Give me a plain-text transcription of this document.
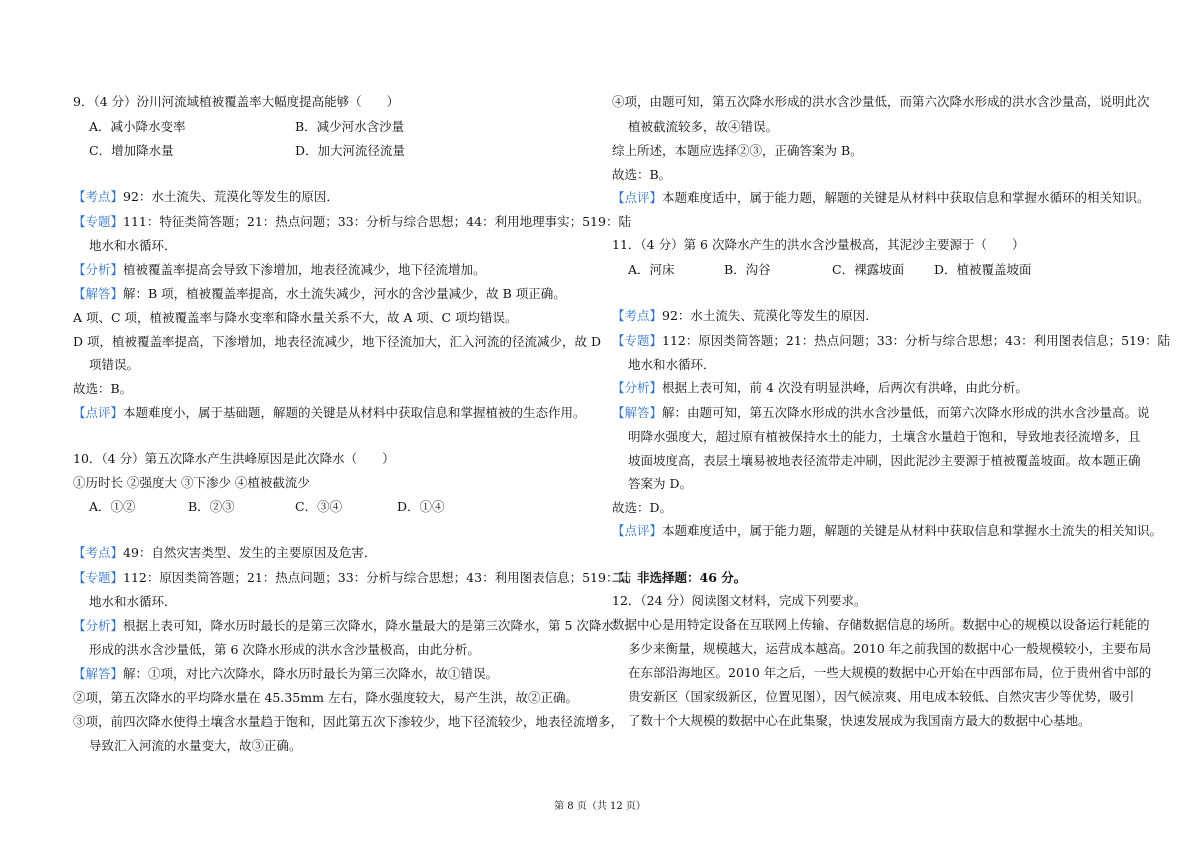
9．（4 分）汾川河流域植被覆盖率大幅度提高能够（　　）
A．减小降水变率	B．减少河水含沙量
C．增加降水量	D．加大河流径流量
【考点】92：水土流失、荒漠化等发生的原因．
【专题】111：特征类简答题；21：热点问题；33：分析与综合思想；44：利用地理事实；519：陆
地水和水循环．
【分析】植被覆盖率提高会导致下渗增加，地表径流减少，地下径流增加。
【解答】解：B 项，植被覆盖率提高，水土流失减少，河水的含沙量减少，故 B 项正确。
A 项、C 项，植被覆盖率与降水变率和降水量关系不大，故 A 项、C 项均错误。
D 项，植被覆盖率提高，下渗增加，地表径流减少，地下径流加大，汇入河流的径流减少，故 D
项错误。
故选：B。
【点评】本题难度小，属于基础题，解题的关键是从材料中获取信息和掌握植被的生态作用。
10．（4 分）第五次降水产生洪峰原因是此次降水（　　）
①历时长 ②强度大 ③下渗少 ④植被截流少
A．①②	B．②③	C．③④	D．①④
【考点】49：自然灾害类型、发生的主要原因及危害．
【专题】112：原因类简答题；21：热点问题；33：分析与综合思想；43：利用图表信息；519：陆
地水和水循环．
【分析】根据上表可知，降水历时最长的是第三次降水，降水量最大的是第三次降水，第 5 次降水
形成的洪水含沙量低，第 6 次降水形成的洪水含沙量极高，由此分析。
【解答】解：①项，对比六次降水，降水历时最长为第三次降水，故①错误。
②项，第五次降水的平均降水量在 45.35mm 左右，降水强度较大，易产生洪，故②正确。
③项，前四次降水使得土壤含水量趋于饱和，因此第五次下渗较少，地下径流较少，地表径流增多，
导致汇入河流的水量变大，故③正确。
④项，由题可知，第五次降水形成的洪水含沙量低，而第六次降水形成的洪水含沙量高，说明此次
植被截流较多，故④错误。
综上所述，本题应选择②③，正确答案为 B。
故选：B。
【点评】本题难度适中，属于能力题，解题的关键是从材料中获取信息和掌握水循环的相关知识。
11．（4 分）第 6 次降水产生的洪水含沙量极高，其泥沙主要源于（　　）
A．河床	B．沟谷	C．裸露坡面 D．植被覆盖坡面
【考点】92：水土流失、荒漠化等发生的原因．
【专题】112：原因类简答题；21：热点问题；33：分析与综合思想；43：利用图表信息；519：陆
地水和水循环．
【分析】根据上表可知，前 4 次没有明显洪峰，后两次有洪峰，由此分析。
【解答】解：由题可知，第五次降水形成的洪水含沙量低，而第六次降水形成的洪水含沙量高。说
明降水强度大，超过原有植被保持水土的能力，土壤含水量趋于饱和，导致地表径流增多，且
坡面坡度高，表层土壤易被地表径流带走冲刷，因此泥沙主要源于植被覆盖坡面。故本题正确
答案为 D。
故选：D。
【点评】本题难度适中，属于能力题，解题的关键是从材料中获取信息和掌握水土流失的相关知识。
二、非选择题：46 分。
12．（24 分）阅读图文材料，完成下列要求。
数据中心是用特定设备在互联网上传输、存储数据信息的场所。数据中心的规模以设备运行耗能的
多少来衡量，规模越大，运营成本越高。2010 年之前我国的数据中心一般规模较小，主要布局
在东部沿海地区。2010 年之后，一些大规模的数据中心开始在中西部布局，位于贵州省中部的
贵安新区（国家级新区，位置见图），因气候凉爽、用电成本较低、自然灾害少等优势，吸引
了数十个大规模的数据中心在此集聚，快速发展成为我国南方最大的数据中心基地。
第 8 页（共 12 页）
